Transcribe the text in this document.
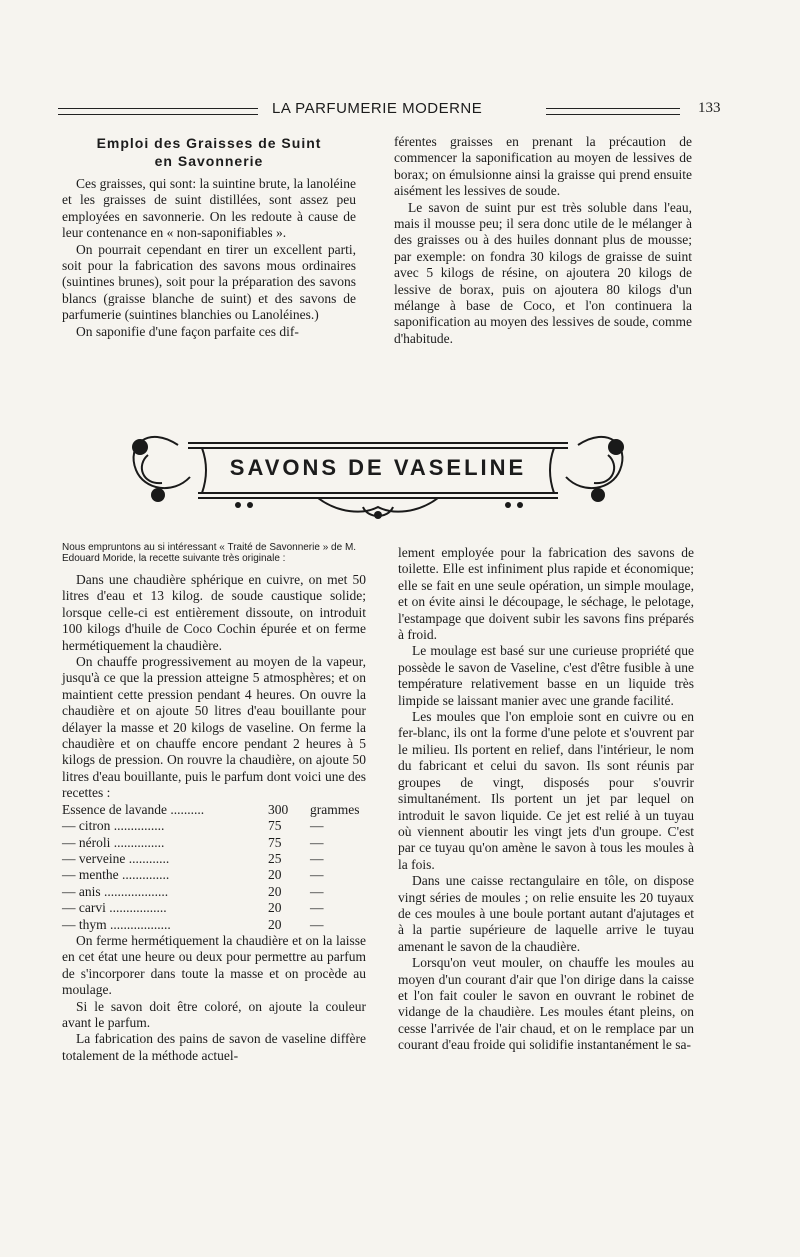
LA PARFUMERIE MODERNE	133
Emploi des Graisses de Suint
en Savonnerie

Ces graisses, qui sont: la suintine brute, la lanoléine et les graisses de suint distillées, sont assez peu employées en savonnerie. On les redoute à cause de leur contenance en « non-saponifiables ».

On pourrait cependant en tirer un excellent parti, soit pour la fabrication des savons mous ordinaires (suintines brunes), soit pour la préparation des savons blancs (graisse blanche de suint) et des savons de parfumerie (suintines blanchies ou Lanoléines.)

On saponifie d'une façon parfaite ces dif-

férentes graisses en prenant la précaution de commencer la saponification au moyen de lessives de borax; on émulsionne ainsi la graisse qui prend ensuite aisément les lessives de soude.

Le savon de suint pur est très soluble dans l'eau, mais il mousse peu; il sera donc utile de le mélanger à des graisses ou à des huiles donnant plus de mousse; par exemple: on fondra 30 kilogs de graisse de suint avec 5 kilogs de résine, on ajoutera 20 kilogs de lessive de borax, puis on ajoutera 80 kilogs d'un mélange à base de Coco, et l'on continuera la saponification au moyen des lessives de soude, comme d'habitude.

SAVONS DE VASELINE
Nous empruntons au si intéressant « Traité de Savonnerie » de M. Edouard Moride, la recette suivante très originale :

Dans une chaudière sphérique en cuivre, on met 50 litres d'eau et 13 kilog. de soude caustique solide; lorsque celle-ci est entièrement dissoute, on introduit 100 kilogs d'huile de Coco Cochin épurée et on ferme hermétiquement la chaudière.

On chauffe progressivement au moyen de la vapeur, jusqu'à ce que la pression atteigne 5 atmosphères; et on maintient cette pression pendant 4 heures. On ouvre la chaudière et on ajoute 50 litres d'eau bouillante pour délayer la masse et 20 kilogs de vaseline. On ferme la chaudière et on chauffe encore pendant 2 heures à 5 kilogs de pression. On rouvre la chaudière, on ajoute 50 litres d'eau bouillante, puis le parfum dont voici une des recettes :

Essence de lavande ..........	300	grammes
— citron ...............	75	—
— néroli ...............	75	—
— verveine ............	25	—
— menthe ..............	20	—
— anis ...................	20	—
— carvi .................	20	—
— thym ..................	20	—

On ferme hermétiquement la chaudière et on la laisse en cet état une heure ou deux pour permettre au parfum de s'incorporer dans toute la masse et on procède au moulage.

Si le savon doit être coloré, on ajoute la couleur avant le parfum.

La fabrication des pains de savon de vaseline diffère totalement de la méthode actuel-

lement employée pour la fabrication des savons de toilette. Elle est infiniment plus rapide et économique; elle se fait en une seule opération, un simple moulage, et on évite ainsi le découpage, le séchage, le pelotage, l'estampage que doivent subir les savons fins préparés à froid.

Le moulage est basé sur une curieuse propriété que possède le savon de Vaseline, c'est d'être fusible à une température relativement basse en un liquide très limpide se laissant manier avec une grande facilité.

Les moules que l'on emploie sont en cuivre ou en fer-blanc, ils ont la forme d'une pelote et s'ouvrent par le milieu. Ils portent en relief, dans l'intérieur, le nom du fabricant et celui du savon. Ils sont réunis par groupes de vingt, disposés pour s'ouvrir simultanément. Ils portent un jet par lequel on introduit le savon liquide. Ce jet est relié à un tuyau où viennent aboutir les vingt jets d'un groupe. C'est par ce tuyau qu'on amène le savon à tous les moules à la fois.

Dans une caisse rectangulaire en tôle, on dispose vingt séries de moules ; on relie ensuite les 20 tuyaux de ces moules à une boule portant autant d'ajutages et à la partie supérieure de laquelle arrive le tuyau amenant le savon de la chaudière.

Lorsqu'on veut mouler, on chauffe les moules au moyen d'un courant d'air que l'on dirige dans la caisse et l'on fait couler le savon en ouvrant le robinet de vidange de la chaudière. Les moules étant pleins, on cesse l'arrivée de l'air chaud, et on le remplace par un courant d'eau froide qui solidifie instantanément le sa-
